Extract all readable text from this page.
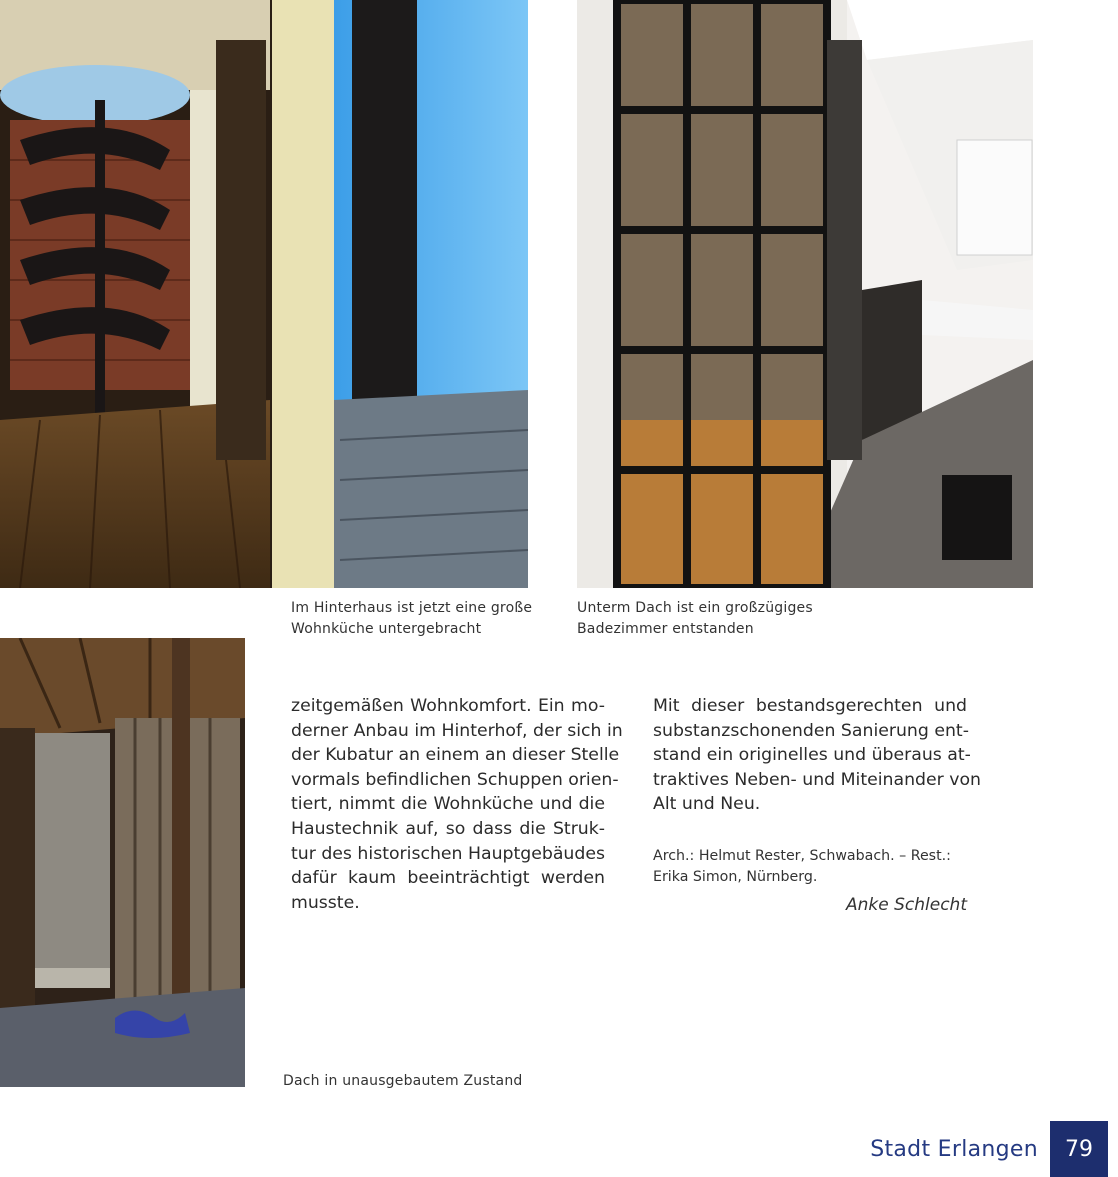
Im Hinterhaus ist jetzt eine große
Wohnküche untergebracht
Unterm Dach ist ein großzügiges
Badezimmer entstanden
Dach in unausgebautem Zustand
zeitgemäßen Wohnkomfort. Ein mo-
derner Anbau im Hinterhof, der sich in
der Kubatur an einem an dieser Stelle
vormals befindlichen Schuppen orien-
tiert, nimmt die Wohnküche und die
Haustechnik auf, so dass die Struk-
tur des historischen Hauptgebäudes
dafür kaum beeinträchtigt werden
musste.
Mit dieser bestandsgerechten und
substanzschonenden Sanierung ent-
stand ein originelles und überaus at-
traktives Neben- und Miteinander von
Alt und Neu.
Arch.: Helmut Rester, Schwabach. – Rest.:
Erika Simon, Nürnberg.
Anke Schlecht
Stadt Erlangen 79
